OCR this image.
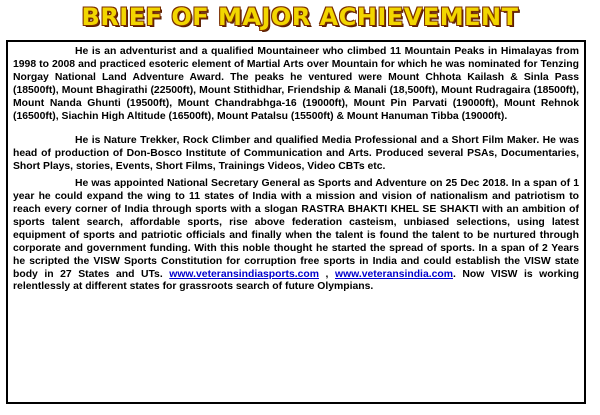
BRIEF OF MAJOR ACHIEVEMENT

He is an adventurist and a qualified Mountaineer who climbed 11 Mountain Peaks in Himalayas from 1998 to 2008 and practiced esoteric element of Martial Arts over Mountain for which he was nominated for Tenzing Norgay National Land Adventure Award. The peaks he ventured were Mount Chhota Kailash & Sinla Pass (18500ft), Mount Bhagirathi (22500ft), Mount Stithidhar, Friendship & Manali (18,500ft), Mount Rudragaira (18500ft), Mount Nanda Ghunti (19500ft), Mount Chandrabhga-16 (19000ft), Mount Pin Parvati (19000ft), Mount Rehnok (16500ft), Siachin High Altitude (16500ft), Mount Patalsu (15500ft) & Mount Hanuman Tibba (19000ft).

He is Nature Trekker, Rock Climber and qualified Media Professional and a Short Film Maker. He was head of production of Don-Bosco Institute of Communication and Arts. Produced several PSAs, Documentaries, Short Plays, stories, Events, Short Films, Trainings Videos, Video CBTs etc.

He was appointed National Secretary General as Sports and Adventure on 25 Dec 2018. In a span of 1 year he could expand the wing to 11 states of India with a mission and vision of nationalism and patriotism to reach every corner of India through sports with a slogan RASTRA BHAKTI KHEL SE SHAKTI with an ambition of sports talent search, affordable sports, rise above federation casteism, unbiased selections, using latest equipment of sports and patriotic officials and finally when the talent is found the talent to be nurtured through corporate and government funding. With this noble thought he started the spread of sports. In a span of 2 Years he scripted the VISW Sports Constitution for corruption free sports in India and could establish the VISW state body in 27 States and UTs. www.veteransindiasports.com , www.veteransindia.com. Now VISW is working relentlessly at different states for grassroots search of future Olympians.
